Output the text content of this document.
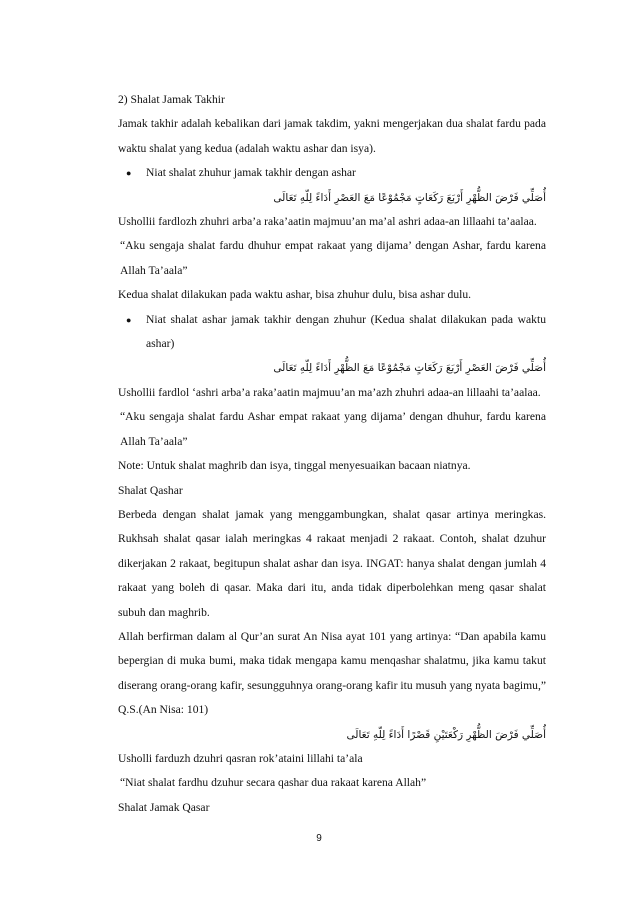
2) Shalat Jamak Takhir

Jamak takhir adalah kebalikan dari jamak takdim, yakni mengerjakan dua shalat fardu pada waktu shalat yang kedua (adalah waktu ashar dan isya).

●	Niat shalat zhuhur jamak takhir dengan ashar

أُصَلِّي فَرْضَ الظُّهْرِ أَرْبَعَ رَكَعَاتٍ مَجْمُوْعًا مَعَ العَصْرِ أَدَاءً لِلّهِ تَعَالَى

Ushollii fardlozh zhuhri arba’a raka’aatin majmuu’an ma’al ashri adaa-an lillaahi ta’aalaa.

“Aku sengaja shalat fardu dhuhur empat rakaat yang dijama’ dengan Ashar, fardu karena Allah Ta’aala”

Kedua shalat dilakukan pada waktu ashar, bisa zhuhur dulu, bisa ashar dulu.

●	Niat shalat ashar jamak takhir dengan zhuhur (Kedua shalat dilakukan pada waktu ashar)

أُصَلِّي فَرْضَ العَصْرِ أَرْبَعَ رَكَعَاتٍ مَجْمُوْعًا مَعَ الظُّهْرِ أَدَاءً لِلّهِ تَعَالَى

Ushollii fardlol ‘ashri arba’a raka’aatin majmuu’an ma’azh zhuhri adaa-an lillaahi ta’aalaa.

“Aku sengaja shalat fardu Ashar empat rakaat yang dijama’ dengan dhuhur, fardu karena Allah Ta’aala”

Note: Untuk shalat maghrib dan isya, tinggal menyesuaikan bacaan niatnya.

Shalat Qashar

Berbeda dengan shalat jamak yang menggambungkan, shalat qasar artinya meringkas. Rukhsah shalat qasar ialah meringkas 4 rakaat menjadi 2 rakaat. Contoh, shalat dzuhur dikerjakan 2 rakaat, begitupun shalat ashar dan isya. INGAT: hanya shalat dengan jumlah 4 rakaat yang boleh di qasar. Maka dari itu, anda tidak diperbolehkan meng qasar shalat subuh dan maghrib.

Allah berfirman dalam al Qur’an surat An Nisa ayat 101 yang artinya: “Dan apabila kamu bepergian di muka bumi, maka tidak mengapa kamu menqashar shalatmu, jika kamu takut diserang orang-orang kafir, sesungguhnya orang-orang kafir itu musuh yang nyata bagimu,” Q.S.(An Nisa: 101)

أُصَلِّي فَرْضَ الظُّهْرِ رَكْعَتَيْنِ قَصْرًا أَدَاءً لِلّهِ تَعَالَى

Usholli farduzh dzuhri qasran rok’ataini lillahi ta’ala

“Niat shalat fardhu dzuhur secara qashar dua rakaat karena Allah”

Shalat Jamak Qasar

9
